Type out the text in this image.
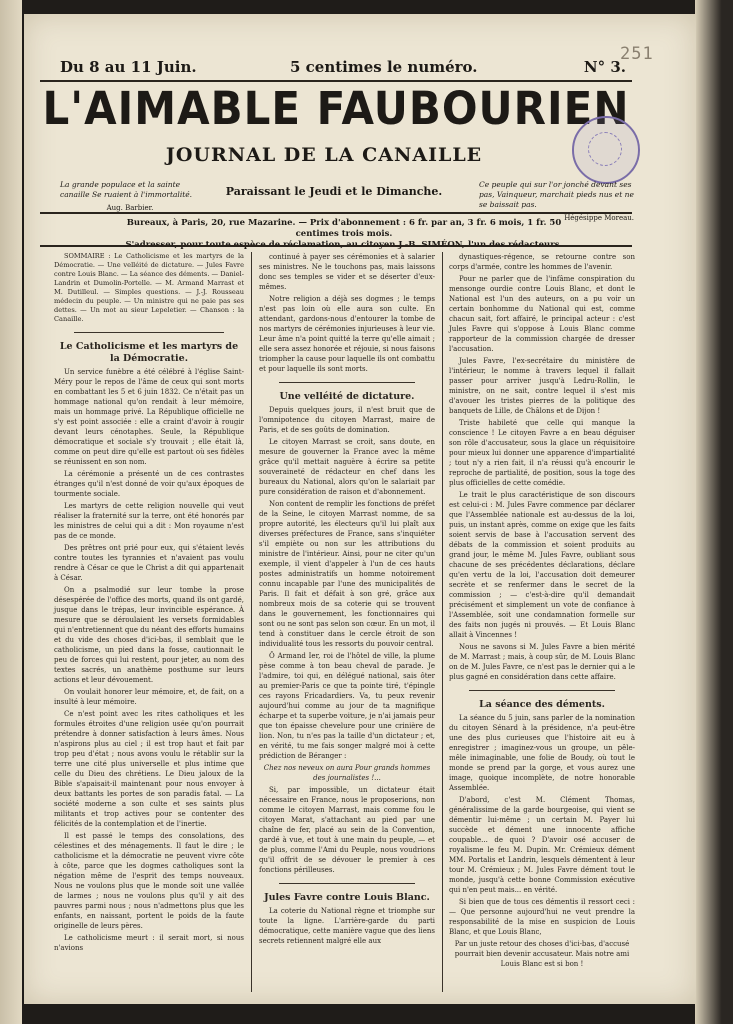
251
Du 8 au 11 Juin.	5 centimes le numéro.	N° 3.
L'AIMABLE FAUBOURIEN
JOURNAL DE LA CANAILLE
La grande populace et la sainte canaille Se ruaient à l'immortalité.
Aug. Barbier.
Paraissant le Jeudi et le Dimanche.
Ce peuple qui sur l'or jonché devant ses pas, Vainqueur, marchait pieds nus et ne se baissait pas.
Hégésippe Moreau.
Bureaux, à Paris, 20, rue Mazarine. — Prix d'abonnement : 6 fr. par an, 3 fr. 6 mois, 1 fr. 50 centimes trois mois.
S'adresser, pour toute espèce de réclamation, au citoyen J.-B. SIMÉON, l'un des rédacteurs.

SOMMAIRE : Le Catholicisme et les martyrs de la Démocratie. — Une velléité de dictature. — Jules Favre contre Louis Blanc. — La séance des déments. — Daniel-Landrin et Dumolin-Portelle. — M. Armand Marrast et M. Dutilleul. — Simples questions. — J.-J. Rousseau médecin du peuple. — Un ministre qui ne paie pas ses dettes. — Un mot au sieur Lepeletier. — Chanson : la Canaille.

Le Catholicisme et les martyrs de la Démocratie.

Un service funèbre a été célébré à l'église Saint-Méry pour le repos de l'âme de ceux qui sont morts en combattant les 5 et 6 juin 1832. Ce n'était pas un hommage national qu'on rendait à leur mémoire, mais un hommage privé. La République officielle ne s'y est point associée : elle a craint d'avoir à rougir devant leurs cénotaphes. Seule, la République démocratique et sociale s'y trouvait ; elle était là, comme on peut dire qu'elle est partout où ses fidèles se réunissent en son nom.

La cérémonie a présenté un de ces contrastes étranges qu'il n'est donné de voir qu'aux époques de tourmente sociale.

Les martyrs de cette religion nouvelle qui veut réaliser la fraternité sur la terre, ont été honorés par les ministres de celui qui a dit : Mon royaume n'est pas de ce monde.

Des prêtres ont prié pour eux, qui s'étaient levés contre toutes les tyrannies et n'avaient pas voulu rendre à César ce que le Christ a dit qui appartenait à César.

On a psalmodié sur leur tombe la prose désespérée de l'office des morts, quand ils ont gardé, jusque dans le trépas, leur invincible espérance. À mesure que se déroulaient les versets formidables qui n'entretiennent que du néant des efforts humains et du vide des choses d'ici-bas, il semblait que le catholicisme, un pied dans la fosse, cautionnait le peu de forces qui lui restent, pour jeter, au nom des textes sacrés, un anathème posthume sur leurs actions et leur dévouement.

On voulait honorer leur mémoire, et, de fait, on a insulté à leur mémoire.

Ce n'est point avec les rites catholiques et les formules étroites d'une religion usée qu'on pourrait prétendre à donner satisfaction à leurs âmes. Nous n'aspirons plus au ciel ; il est trop haut et fait par trop peu d'état ; nous avons voulu le rétablir sur la terre une cité plus universelle et plus intime que celle du Dieu des chrétiens. Le Dieu jaloux de la Bible s'apaisait-il maintenant pour nous envoyer à deux battants les portes de son paradis fatal. — La société moderne a son culte et ses saints plus militants et trop actives pour se contenter des félicités de la contemplation et de l'inertie.

Il est passé le temps des consolations, des célestines et des ménagements. Il faut le dire ; le catholicisme et la démocratie ne peuvent vivre côte à côte, parce que les dogmes catholiques sont la négation même de l'esprit des temps nouveaux. Nous ne voulons plus que le monde soit une vallée de larmes ; nous ne voulons plus qu'il y ait des pauvres parmi nous ; nous n'admettons plus que les enfants, en naissant, portent le poids de la faute originelle de leurs pères.

Le catholicisme meurt : il serait mort, si nous n'avions

continué à payer ses cérémonies et à salarier ses ministres. Ne le touchons pas, mais laissons donc ses temples se vider et se déserter d'eux-mêmes.

Notre religion a déjà ses dogmes ; le temps n'est pas loin où elle aura son culte. En attendant, gardons-nous d'entourer la tombe de nos martyrs de cérémonies injurieuses à leur vie. Leur âme n'a point quitté la terre qu'elle aimait ; elle sera assez honorée et réjouie, si nous faisons triompher la cause pour laquelle ils ont combattu et pour laquelle ils sont morts.

Une velléité de dictature.

Depuis quelques jours, il n'est bruit que de l'omnipotence du citoyen Marrast, maire de Paris, et de ses goûts de domination.

Le citoyen Marrast se croit, sans doute, en mesure de gouverner la France avec la même grâce qu'il mettait naguère à écrire sa petite souveraineté de rédacteur en chef dans les bureaux du National, alors qu'on le salariait par pure considération de raison et d'abonnement.

Non content de remplir les fonctions de préfet de la Seine, le citoyen Marrast nomme, de sa propre autorité, les électeurs qu'il lui plaît aux diverses préfectures de France, sans s'inquiéter s'il empiète ou non sur les attributions du ministre de l'intérieur. Ainsi, pour ne citer qu'un exemple, il vient d'appeler à l'un de ces hauts postes administratifs un homme notoirement connu incapable par l'une des municipalités de Paris. Il fait et défait à son gré, grâce aux nombreux mois de sa coterie qui se trouvent dans le gouvernement, les fonctionnaires qui sont ou ne sont pas selon son cœur. En un mot, il tend à constituer dans le cercle étroit de son individualité tous les ressorts du pouvoir central.

Ô Armand Ier, roi de l'hôtel de ville, la plume pèse comme à ton beau cheval de parade. Je l'admire, toi qui, en délégué national, sais ôter au premier-Paris ce que ta pointe tiré, t'épingle ces rayons Fricadardiers. Va, tu peux revenir aujourd'hui comme au jour de ta magnifique écharpe et ta superbe voiture, je n'ai jamais peur que ton épaisse chevelure pour une crinière de lion. Non, tu n'es pas la taille d'un dictateur ; et, en vérité, tu me fais songer malgré moi à cette prédiction de Béranger :

Chez nos neveux on aura Pour grands hommes des journalistes !...

Si, par impossible, un dictateur était nécessaire en France, nous le proposerions, non comme le citoyen Marrast, mais comme fou le citoyen Marat, s'attachant au pied par une chaîne de fer, placé au sein de la Convention, gardé à vue, et tout à une main du peuple, — et de plus, comme l'Ami du Peuple, nous voudrions qu'il offrit de se dévouer le premier à ces fonctions périlleuses.

Jules Favre contre Louis Blanc.

La coterie du National règne et triomphe sur toute la ligne. L'arrière-garde du parti démocratique, cette manière vague que des liens secrets retiennent malgré elle aux

dynastiques-régence, se retourne contre son corps d'armée, contre les hommes de l'avenir.

Pour ne parler que de l'infâme conspiration du mensonge ourdie contre Louis Blanc, et dont le National est l'un des auteurs, on a pu voir un certain bonhomme du National qui est, comme chacun sait, fort affairé, le principal acteur : c'est Jules Favre qui s'oppose à Louis Blanc comme rapporteur de la commission chargée de dresser l'accusation.

Jules Favre, l'ex-secrétaire du ministère de l'intérieur, le nomme à travers lequel il fallait passer pour arriver jusqu'à Ledru-Rollin, le ministre, on ne sait, contre lequel il s'est mis d'avouer les tristes pierres de la politique des banquets de Lille, de Châlons et de Dijon !

Triste habileté que celle qui manque la conscience ! Le citoyen Favre a en beau déguiser son rôle d'accusateur, sous la glace un réquisitoire pour mieux lui donner une apparence d'impartialité ; tout n'y a rien fait, il n'a réussi qu'à encourir le reproche de partialité, de position, sous la toge des plus officielles de cette comédie.

Le trait le plus caractéristique de son discours est celui-ci : M. Jules Favre commence par déclarer que l'Assemblée nationale est au-dessus de la loi, puis, un instant après, comme on exige que les faits soient servis de base à l'accusation servent des débats de la commission et soient produits au grand jour, le même M. Jules Favre, oubliant sous chacune de ses précédentes déclarations, déclare qu'en vertu de la loi, l'accusation doit demeurer secrète et se renfermer dans le secret de la commission ; — c'est-à-dire qu'il demandait précisément et simplement un vote de confiance à l'Assemblée, soit une condamnation formelle sur des faits non jugés ni prouvés. — Et Louis Blanc allait à Vincennes !

Nous ne savons si M. Jules Favre a bien mérité de M. Marrast ; mais, à coup sûr, de M. Louis Blanc on de M. Jules Favre, ce n'est pas le dernier qui a le plus gagné en considération dans cette affaire.

La séance des déments.

La séance du 5 juin, sans parler de la nomination du citoyen Sénard à la présidence, n'a peut-être une des plus curieuses que l'histoire ait eu à enregistrer ; imaginez-vous un groupe, un pêle-mêle inimaginable, une folie de Boudy, où tout le monde se prend par la gorge, et vous aurez une image, quoique incomplète, de notre honorable Assemblée.

D'abord, c'est M. Clément Thomas, généralissime de la garde bourgeoise, qui vient se démentir lui-même ; un certain M. Payer lui succède et dément une innocente affiche coupable... de quoi ? D'avoir osé accuser de royalisme le feu M. Dupin. Mr. Crémieux dément MM. Portalis et Landrin, lesquels démentent à leur tour M. Crémieux ; M. Jules Favre dément tout le monde, jusqu'à cette bonne Commission exécutive qui n'en peut mais... en vérité.

Si bien que de tous ces démentis il ressort ceci : — Que personne aujourd'hui ne veut prendre la responsabilité de la mise en suspicion de Louis Blanc, et que Louis Blanc,

Par un juste retour des choses d'ici-bas, d'accusé pourrait bien devenir accusateur. Mais notre ami Louis Blanc est si bon !
